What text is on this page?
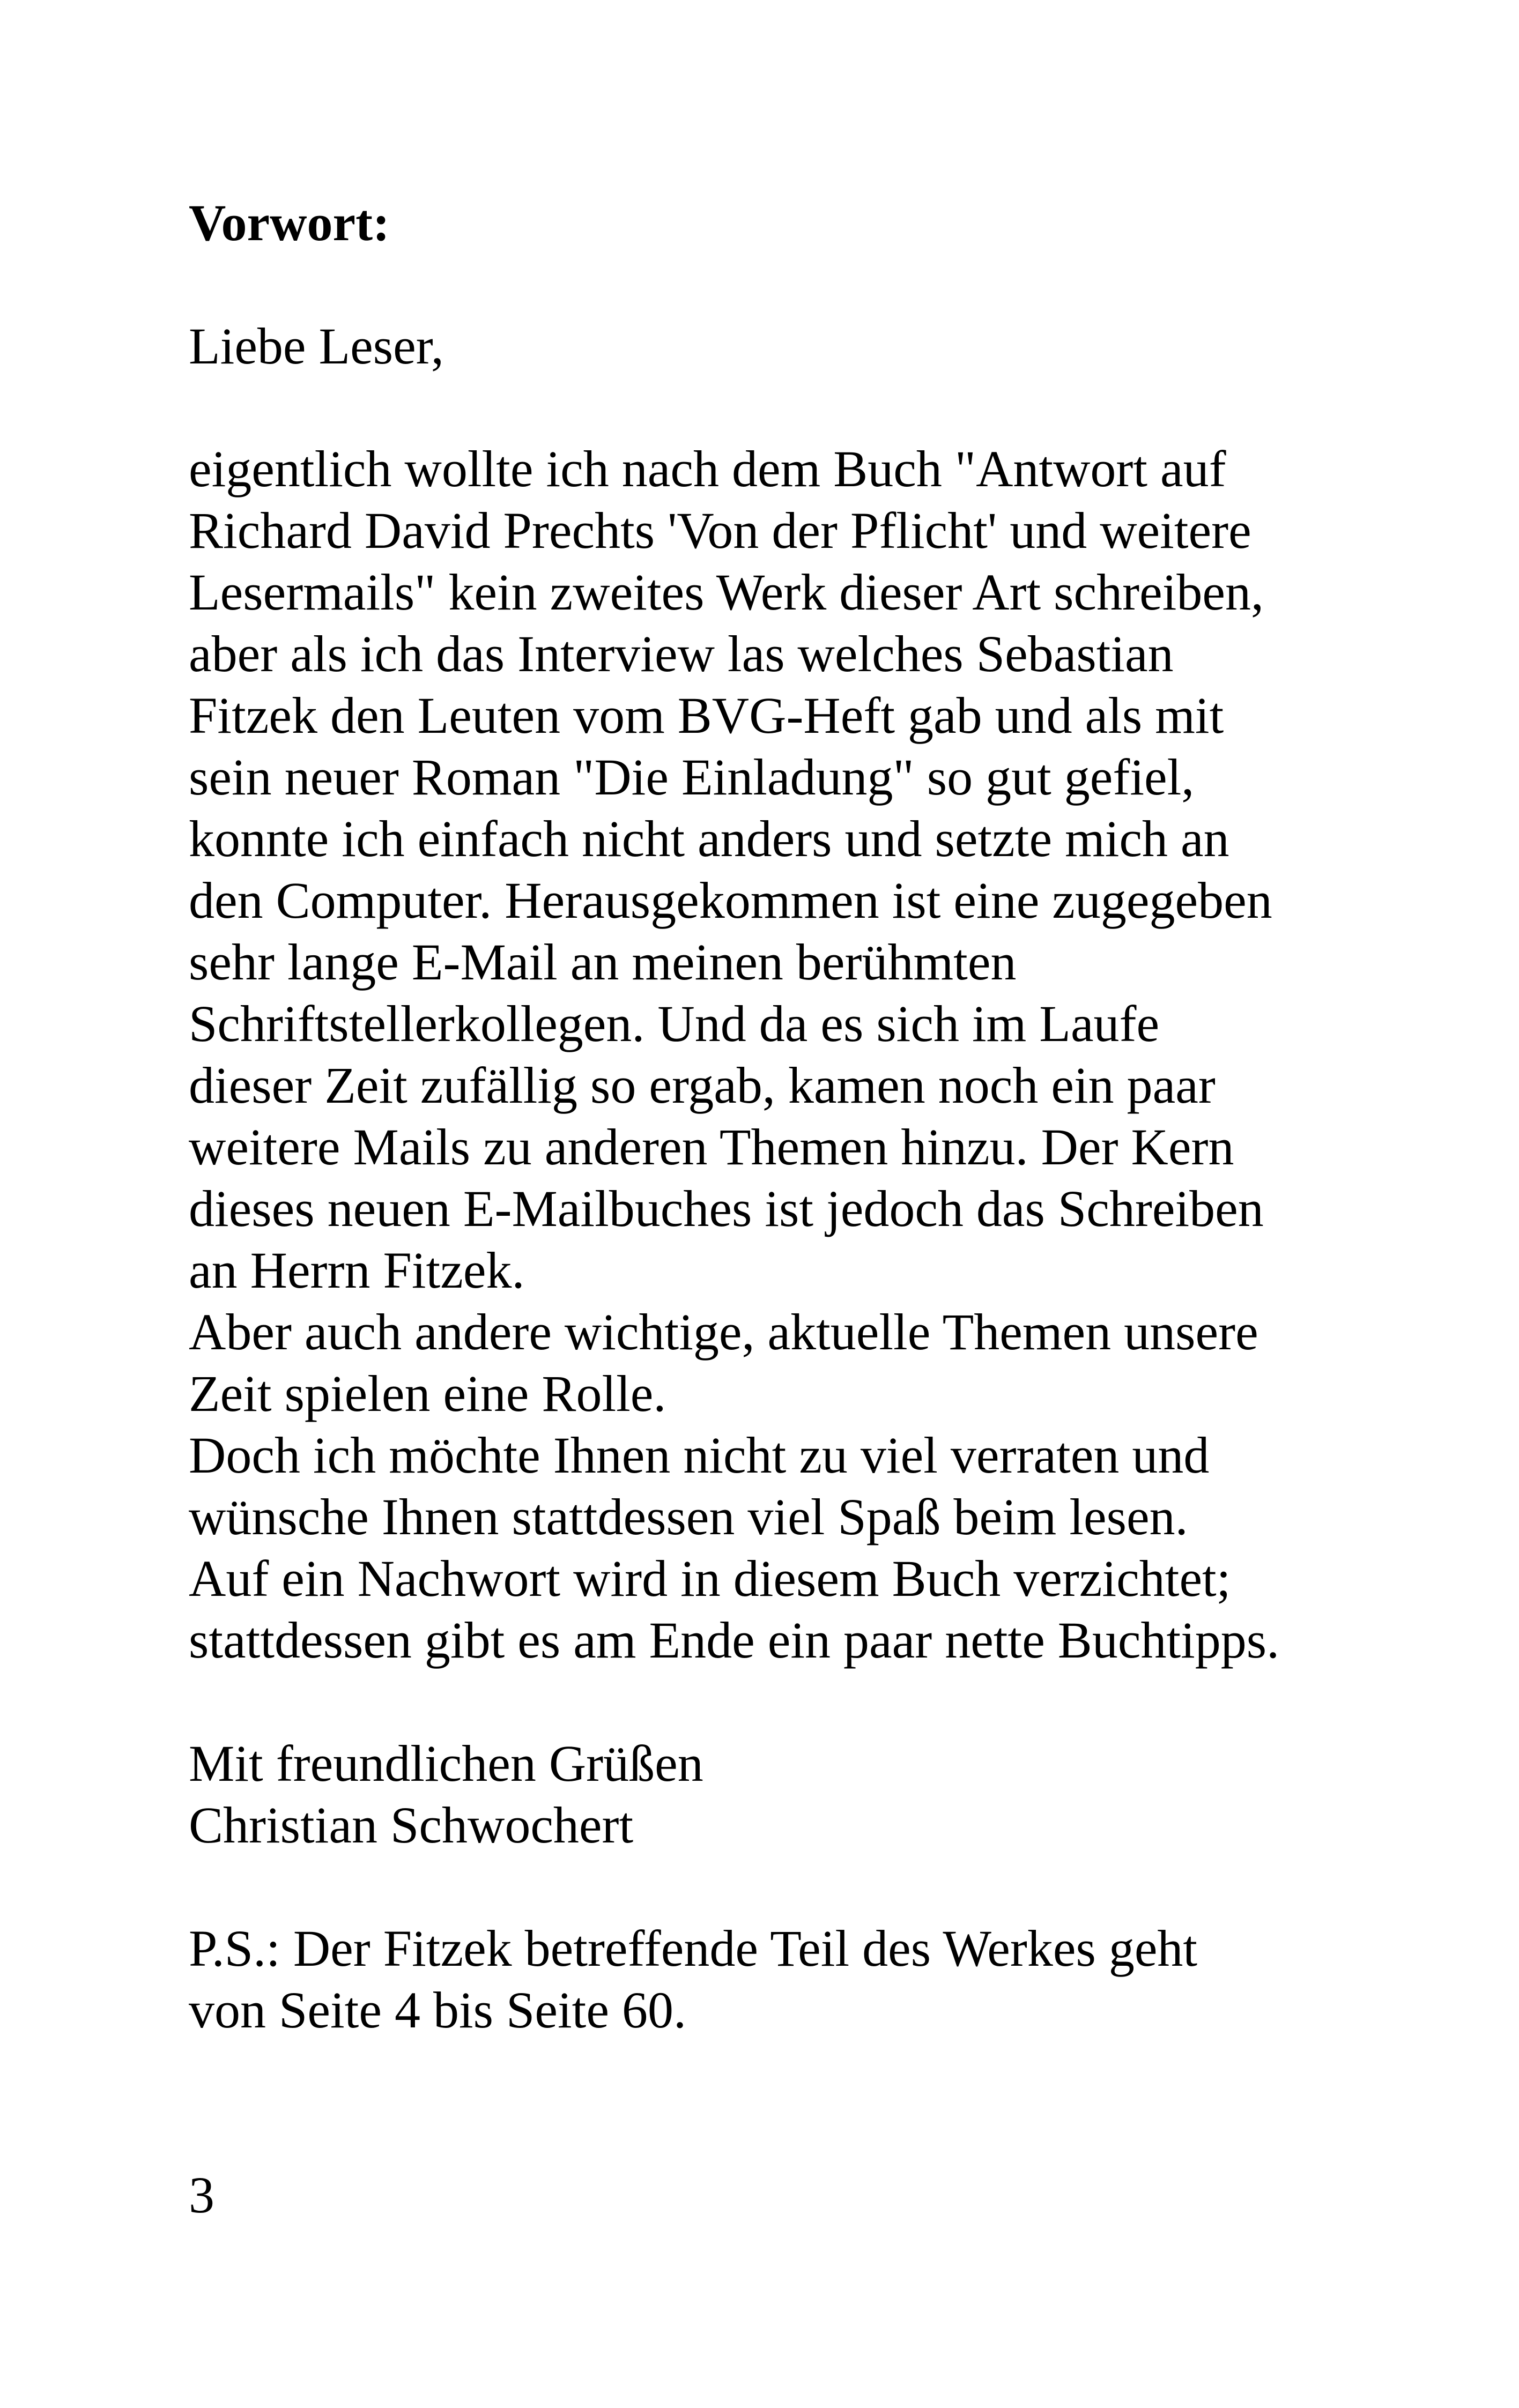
Vorwort:
Liebe Leser,
eigentlich wollte ich nach dem Buch "Antwort auf
Richard David Prechts 'Von der Pflicht' und weitere
Lesermails" kein zweites Werk dieser Art schreiben,
aber als ich das Interview las welches Sebastian
Fitzek den Leuten vom BVG-Heft gab und als mit
sein neuer Roman "Die Einladung" so gut gefiel,
konnte ich einfach nicht anders und setzte mich an
den Computer. Herausgekommen ist eine zugegeben
sehr lange E-Mail an meinen berühmten
Schriftstellerkollegen. Und da es sich im Laufe
dieser Zeit zufällig so ergab, kamen noch ein paar
weitere Mails zu anderen Themen hinzu. Der Kern
dieses neuen E-Mailbuches ist jedoch das Schreiben
an Herrn Fitzek.
Aber auch andere wichtige, aktuelle Themen unsere
Zeit spielen eine Rolle.
Doch ich möchte Ihnen nicht zu viel verraten und
wünsche Ihnen stattdessen viel Spaß beim lesen.
Auf ein Nachwort wird in diesem Buch verzichtet;
stattdessen gibt es am Ende ein paar nette Buchtipps.
Mit freundlichen Grüßen
Christian Schwochert
P.S.: Der Fitzek betreffende Teil des Werkes geht
von Seite 4 bis Seite 60.
3
